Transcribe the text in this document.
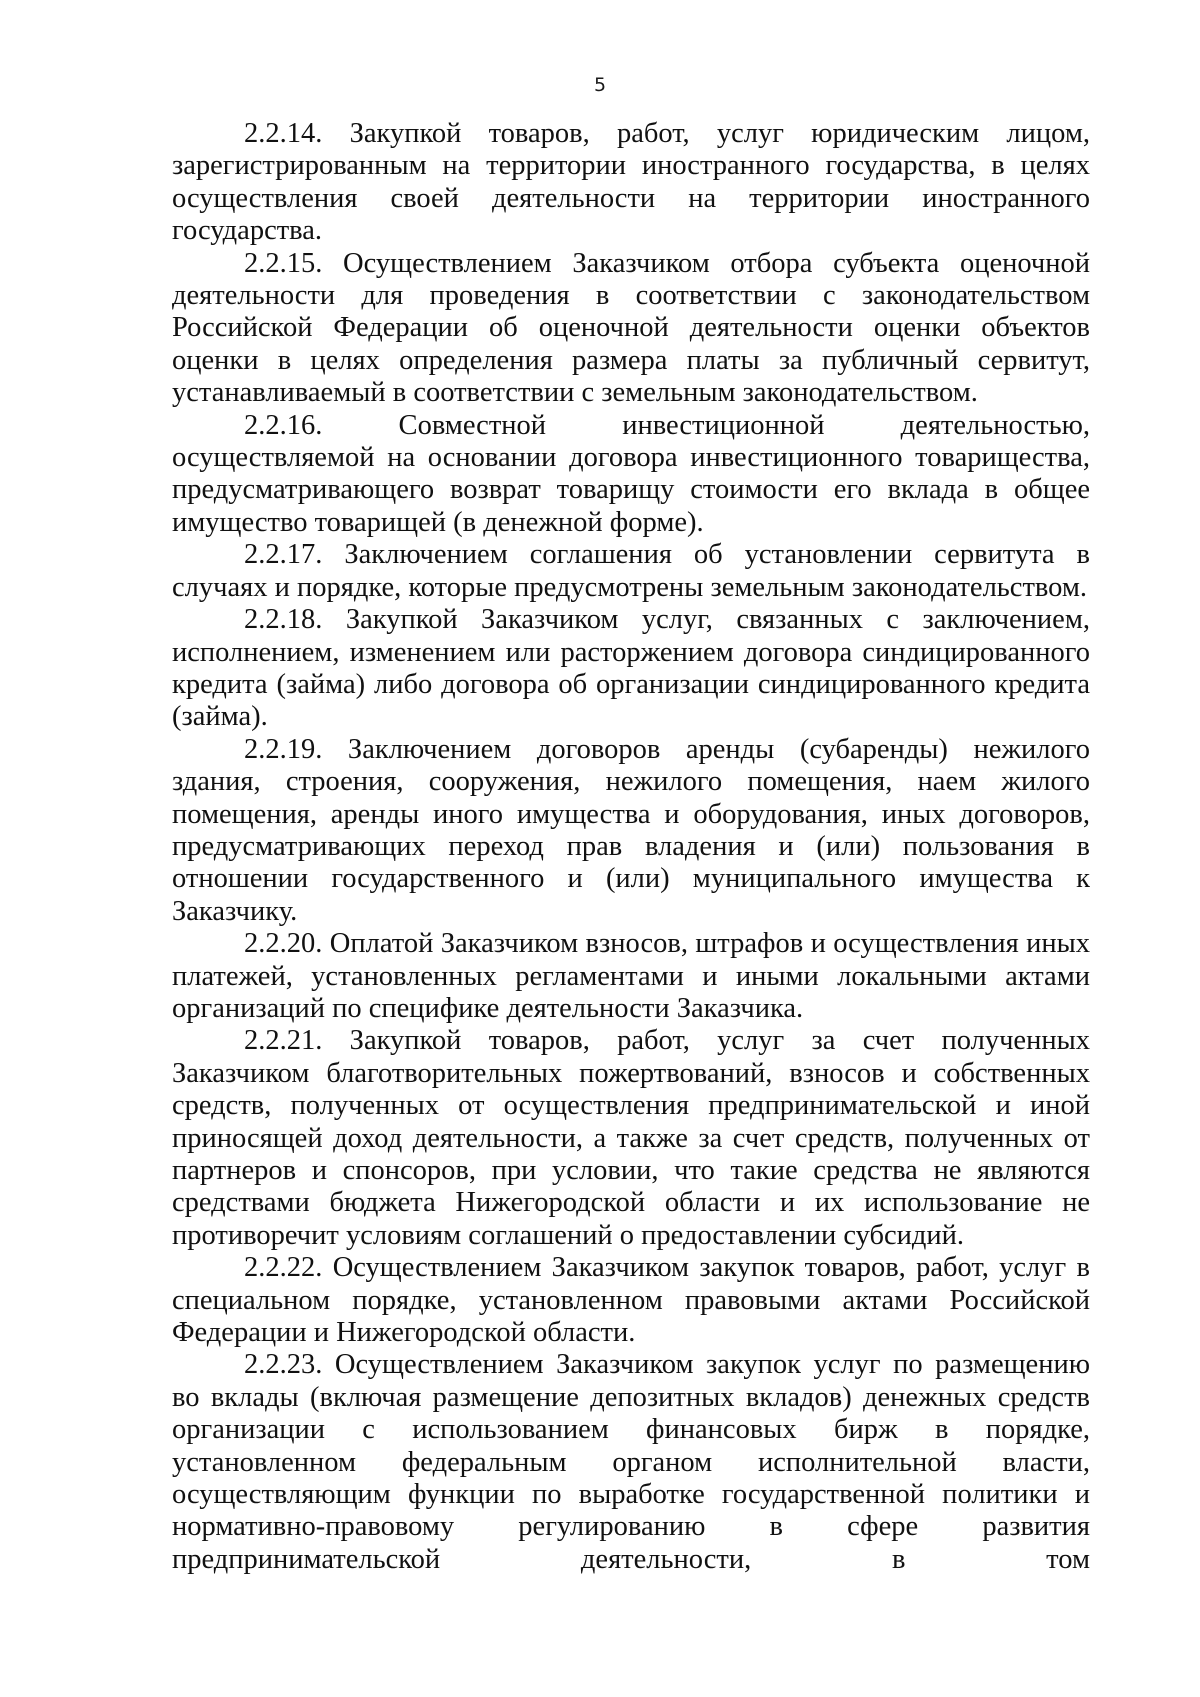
5

2.2.14. Закупкой товаров, работ, услуг юридическим лицом, зарегистрированным на территории иностранного государства, в целях осуществления своей деятельности на территории иностранного государства.

2.2.15. Осуществлением Заказчиком отбора субъекта оценочной деятельности для проведения в соответствии с законодательством Российской Федерации об оценочной деятельности оценки объектов оценки в целях определения размера платы за публичный сервитут, устанавливаемый в соответствии с земельным законодательством.

2.2.16. Совместной инвестиционной деятельностью, осуществляемой на основании договора инвестиционного товарищества, предусматривающего возврат товарищу стоимости его вклада в общее имущество товарищей (в денежной форме).

2.2.17. Заключением соглашения об установлении сервитута в случаях и порядке, которые предусмотрены земельным законодательством.

2.2.18. Закупкой Заказчиком услуг, связанных с заключением, исполнением, изменением или расторжением договора синдицированного кредита (займа) либо договора об организации синдицированного кредита (займа).

2.2.19. Заключением договоров аренды (субаренды) нежилого здания, строения, сооружения, нежилого помещения, наем жилого помещения, аренды иного имущества и оборудования, иных договоров, предусматривающих переход прав владения и (или) пользования в отношении государственного и (или) муниципального имущества к Заказчику.

2.2.20. Оплатой Заказчиком взносов, штрафов и осуществления иных платежей, установленных регламентами и иными локальными актами организаций по специфике деятельности Заказчика.

2.2.21. Закупкой товаров, работ, услуг за счет полученных Заказчиком благотворительных пожертвований, взносов и собственных средств, полученных от осуществления предпринимательской и иной приносящей доход деятельности, а также за счет средств, полученных от партнеров и спонсоров, при условии, что такие средства не являются средствами бюджета Нижегородской области и их использование не противоречит условиям соглашений о предоставлении субсидий.

2.2.22. Осуществлением Заказчиком закупок товаров, работ, услуг в специальном порядке, установленном правовыми актами Российской Федерации и Нижегородской области.

2.2.23. Осуществлением Заказчиком закупок услуг по размещению во вклады (включая размещение депозитных вкладов) денежных средств организации с использованием финансовых бирж в порядке, установленном федеральным органом исполнительной власти, осуществляющим функции по выработке государственной политики и нормативно-правовому регулированию в сфере развития предпринимательской деятельности, в том
